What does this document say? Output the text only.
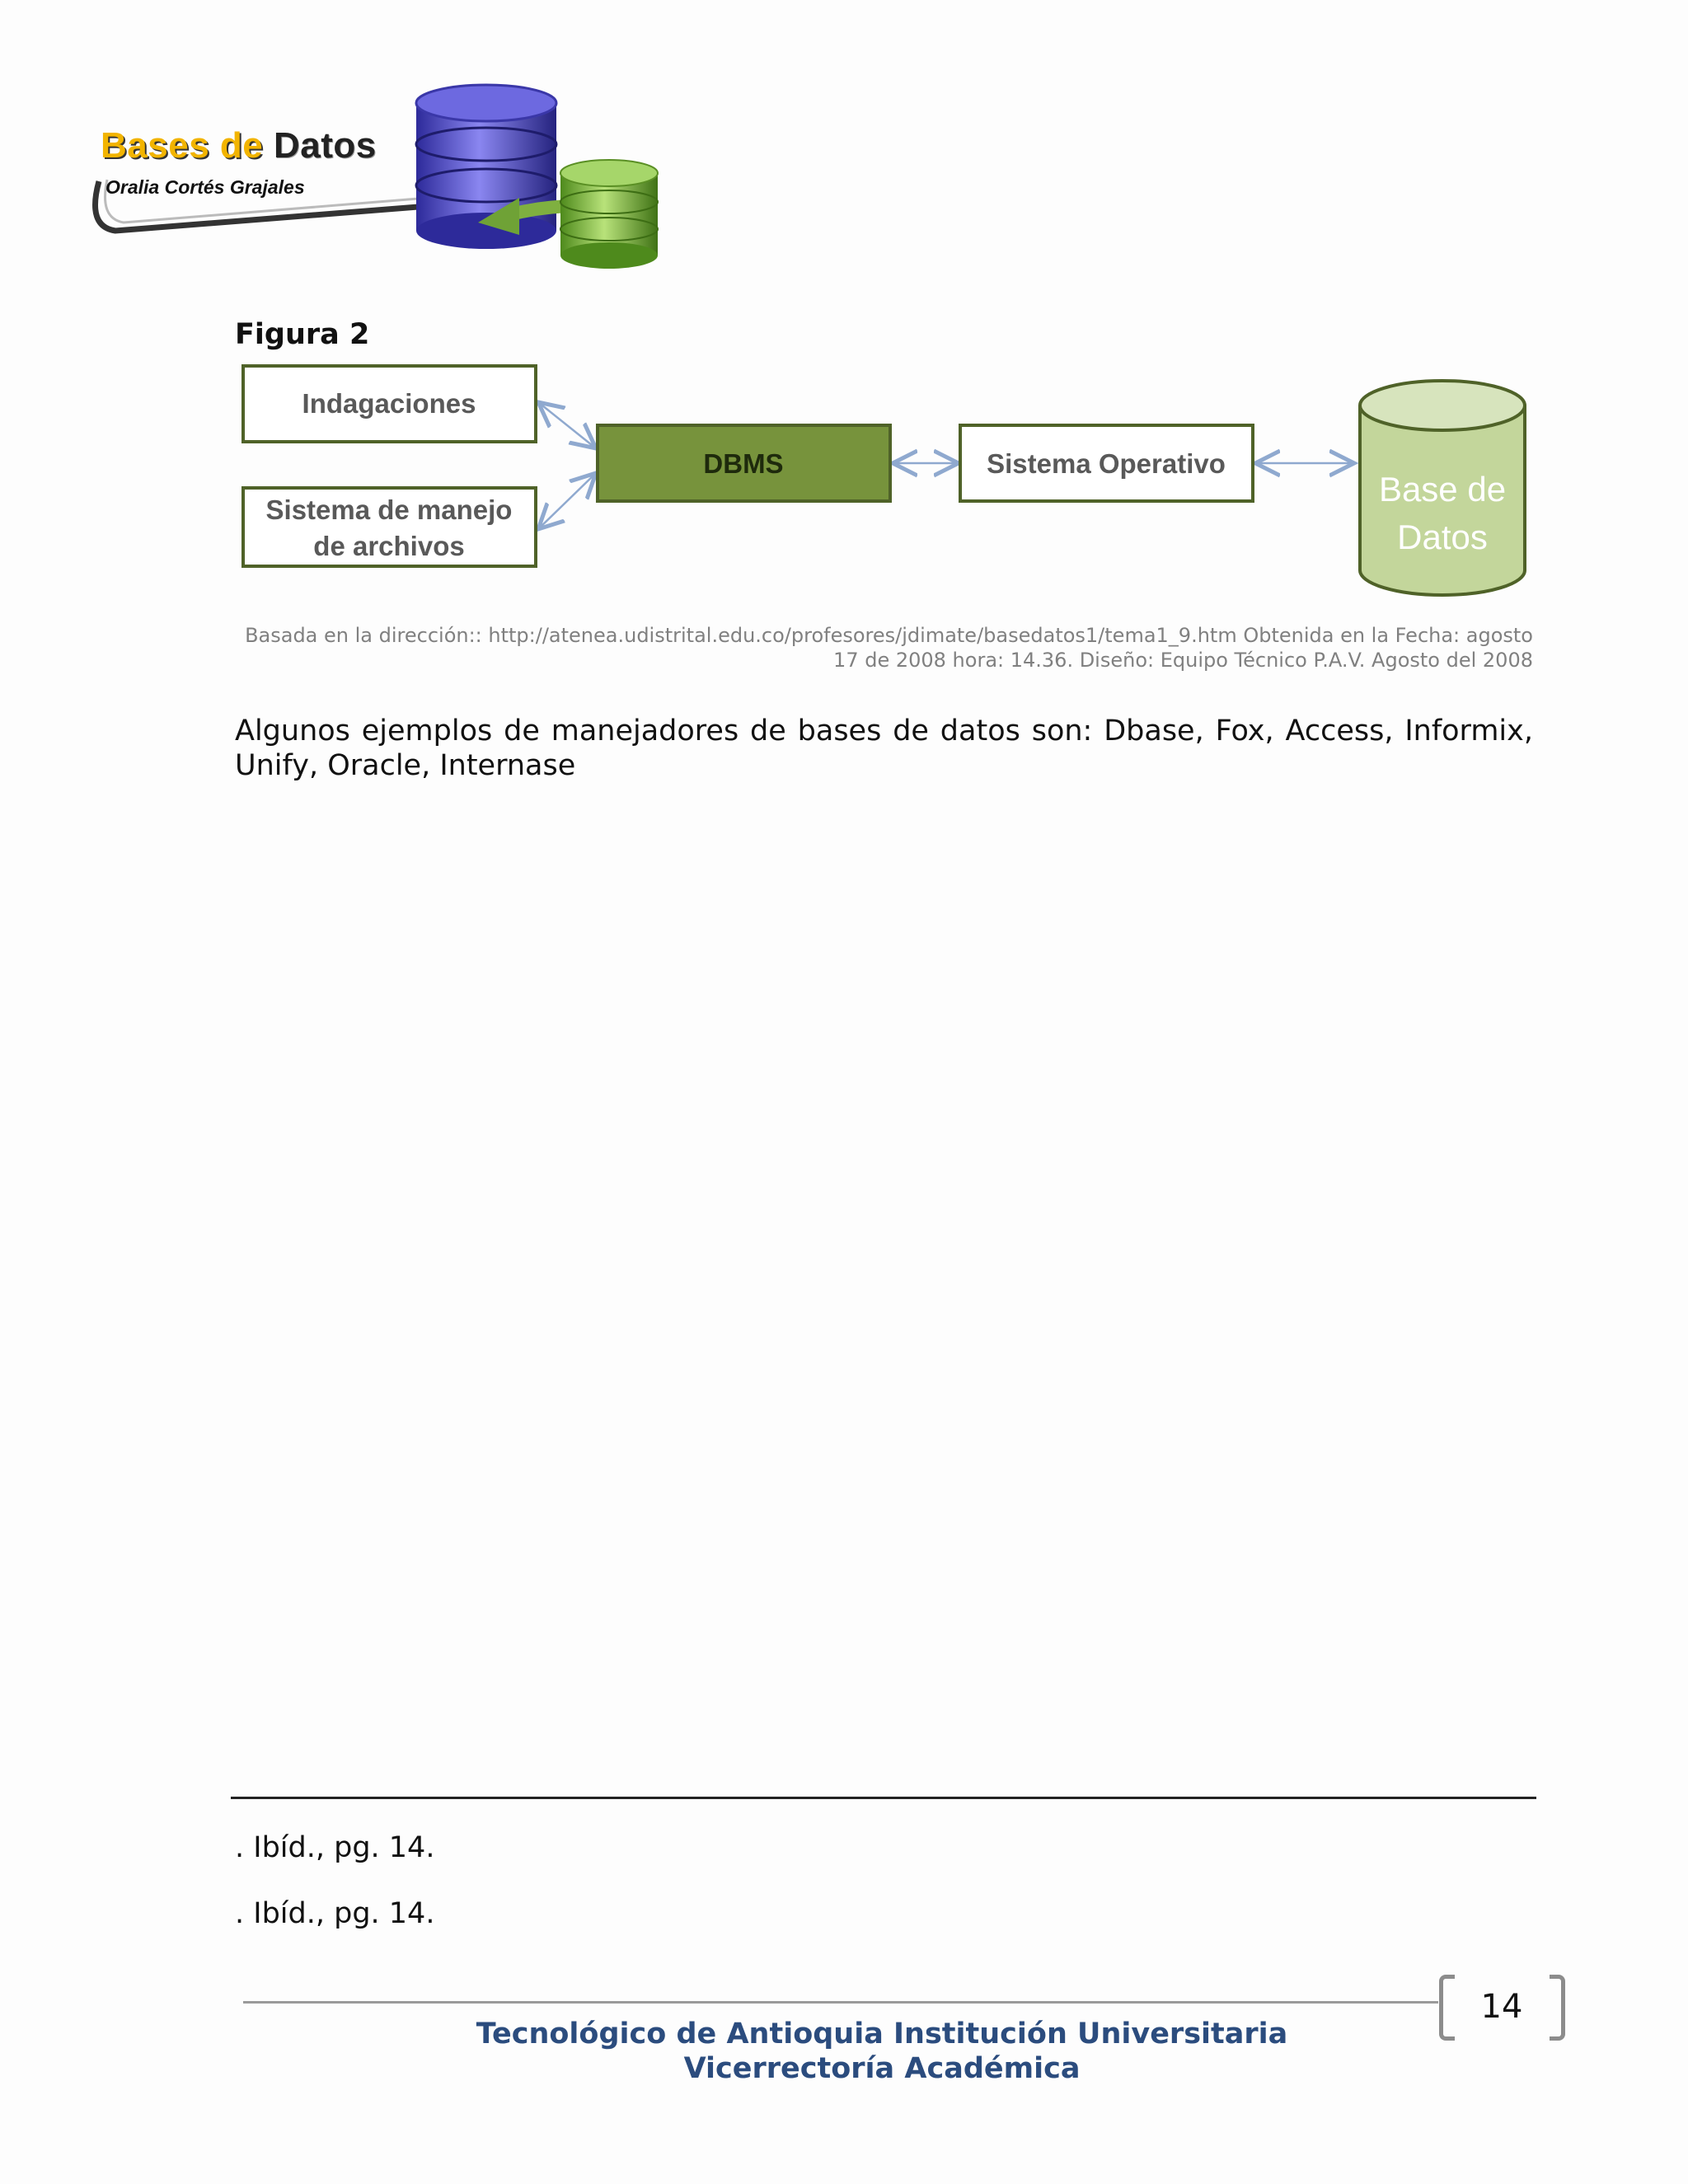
Bases de Datos
Oralia Cortés Grajales
Figura 2
Indagaciones
Sistema de manejo
de archivos
DBMS	Sistema Operativo
Base de
Datos
Basada en la dirección:: http://atenea.udistrital.edu.co/profesores/jdimate/basedatos1/tema1_9.htm Obtenida en la Fecha: agosto
17 de 2008 hora: 14.36. Diseño: Equipo Técnico P.A.V. Agosto del 2008
Algunos ejemplos de manejadores de bases de datos son: Dbase, Fox, Access, Informix, Unify, Oracle, Internase
. Ibíd., pg. 14.
. Ibíd., pg. 14.
14
Tecnológico de Antioquia Institución Universitaria
Vicerrectoría Académica
